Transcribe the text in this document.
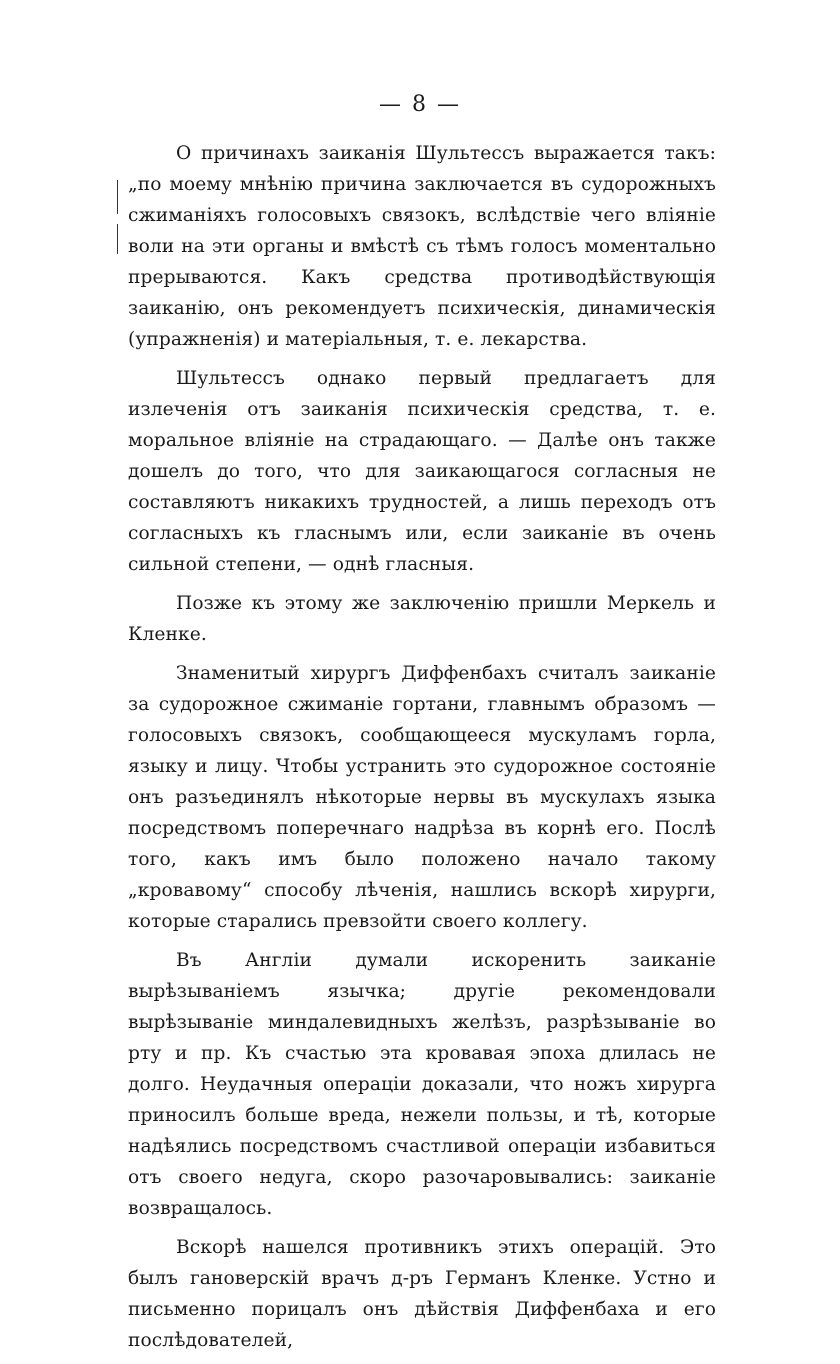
— 8 —

О причинахъ заиканія Шультессъ выражается такъ: „по моему мнѣнію причина заключается въ судорожныхъ сжиманіяхъ голосовыхъ связокъ, вслѣдствіе чего вліяніе воли на эти органы и вмѣстѣ съ тѣмъ голосъ моментально прерываются. Какъ средства противодѣйствующія заиканію, онъ рекомендуетъ психическія, динамическія (упражненія) и матеріальныя, т. е. лекарства.

Шультессъ однако первый предлагаетъ для излеченія отъ заиканія психическія средства, т. е. моральное вліяніе на страдающаго. — Далѣе онъ также дошелъ до того, что для заикающагося согласныя не составляютъ никакихъ трудностей, а лишь переходъ отъ согласныхъ къ гласнымъ или, если заиканіе въ очень сильной степени, — однѣ гласныя.

Позже къ этому же заключенію пришли Меркель и Кленке.

Знаменитый хирургъ Диффенбахъ считалъ заиканіе за судорожное сжиманіе гортани, главнымъ образомъ — голосовыхъ связокъ, сообщающееся мускуламъ горла, языку и лицу. Чтобы устранить это судорожное состояніе онъ разъединялъ нѣкоторые нервы въ мускулахъ языка посредствомъ поперечнаго надрѣза въ корнѣ его. Послѣ того, какъ имъ было положено начало такому „кровавому“ способу лѣченія, нашлись вскорѣ хирурги, которые старались превзойти своего коллегу.

Въ Англіи думали искоренить заиканіе вырѣзываніемъ язычка; другіе рекомендовали вырѣзываніе миндалевидныхъ желѣзъ, разрѣзываніе во рту и пр. Къ счастью эта кровавая эпоха длилась не долго. Неудачныя операціи доказали, что ножъ хирурга приносилъ больше вреда, нежели пользы, и тѣ, которые надѣялись посредствомъ счастливой операціи избавиться отъ своего недуга, скоро разочаровывались: заиканіе возвращалось.

Вскорѣ нашелся противникъ этихъ операцій. Это былъ гановерскій врачъ д-ръ Германъ Кленке. Устно и письменно порицалъ онъ дѣйствія Диффенбаха и его послѣдователей,
